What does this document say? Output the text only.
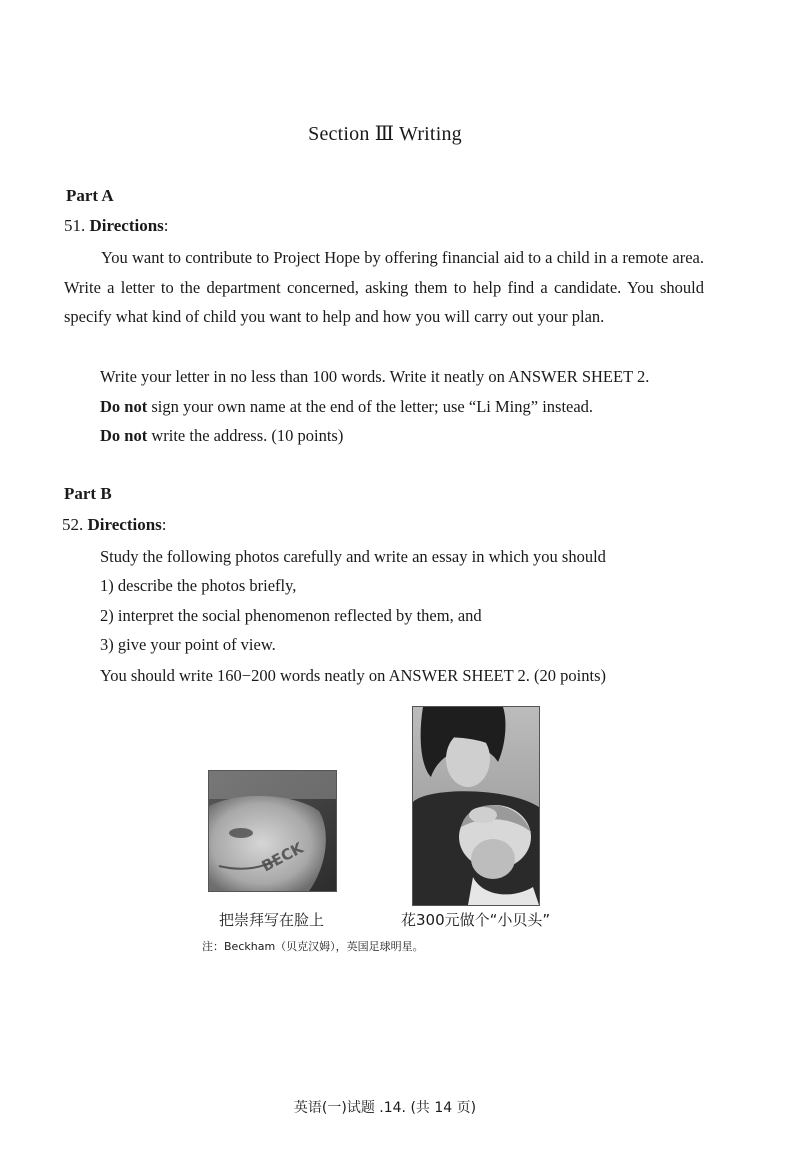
Section Ⅲ Writing
Part A
51. Directions:

You want to contribute to Project Hope by offering financial aid to a child in a remote area. Write a letter to the department concerned, asking them to help find a candidate. You should specify what kind of child you want to help and how you will carry out your plan.

Write your letter in no less than 100 words. Write it neatly on ANSWER SHEET 2.
Do not sign your own name at the end of the letter; use “Li Ming” instead.
Do not write the address. (10 points)
Part B
52. Directions:
Study the following photos carefully and write an essay in which you should
1) describe the photos briefly,
2) interpret the social phenomenon reflected by them, and
3) give your point of view.
You should write 160−200 words neatly on ANSWER SHEET 2. (20 points)
BECK
把崇拜写在脸上	花300元做个“小贝头”
注：Beckham（贝克汉姆），英国足球明星。
英语(一)试题 .14. (共 14 页)
